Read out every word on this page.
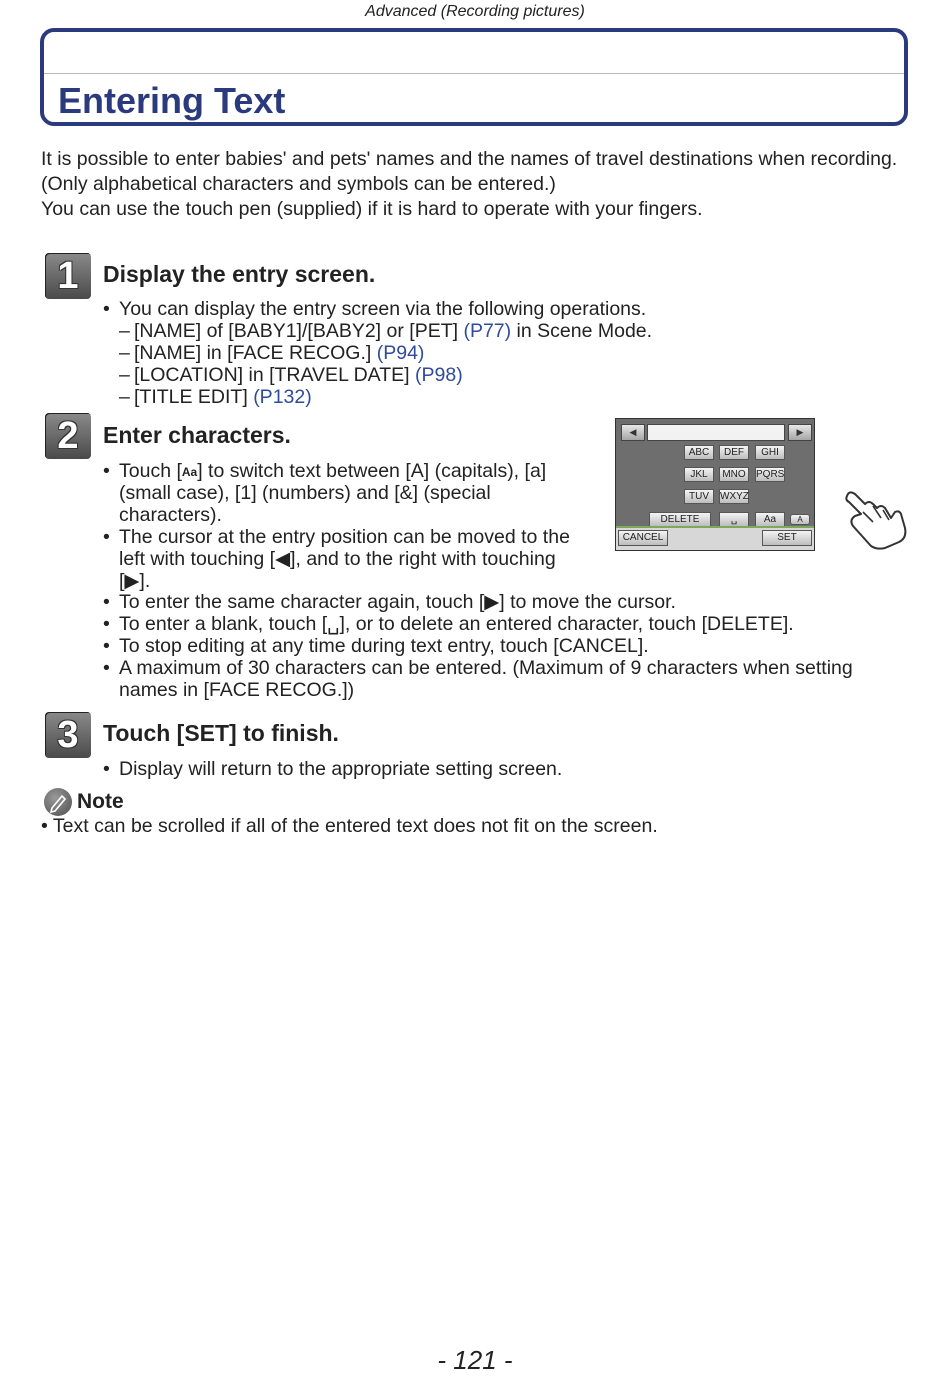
Advanced (Recording pictures)
Entering Text

It is possible to enter babies' and pets' names and the names of travel destinations when recording. (Only alphabetical characters and symbols can be entered.)

You can use the touch pen (supplied) if it is hard to operate with your fingers.

1 Display the entry screen.
• You can display the entry screen via the following operations.
– [NAME] of [BABY1]/[BABY2] or [PET] (P77) in Scene Mode.
– [NAME] in [FACE RECOG.] (P94)
– [LOCATION] in [TRAVEL DATE] (P98)
– [TITLE EDIT] (P132)
2 Enter characters.
• Touch [Aa] to switch text between [A] (capitals), [a]
(small case), [1] (numbers) and [&] (special
characters).
• The cursor at the entry position can be moved to the
left with touching [◀], and to the right with touching
[▶].
• To enter the same character again, touch [▶] to move the cursor.
• To enter a blank, touch [␣], or to delete an entered character, touch [DELETE].
• To stop editing at any time during text entry, touch [CANCEL].
• A maximum of 30 characters can be entered. (Maximum of 9 characters when setting names in [FACE RECOG.])
◀	▶
ABC	DEF	GHI
JKL	MNO	PQRS
TUV	WXYZ
DELETE	␣	Aa	A
CANCEL	SET
3 Touch [SET] to finish.
• Display will return to the appropriate setting screen.
Note
• Text can be scrolled if all of the entered text does not fit on the screen.
- 121 -
